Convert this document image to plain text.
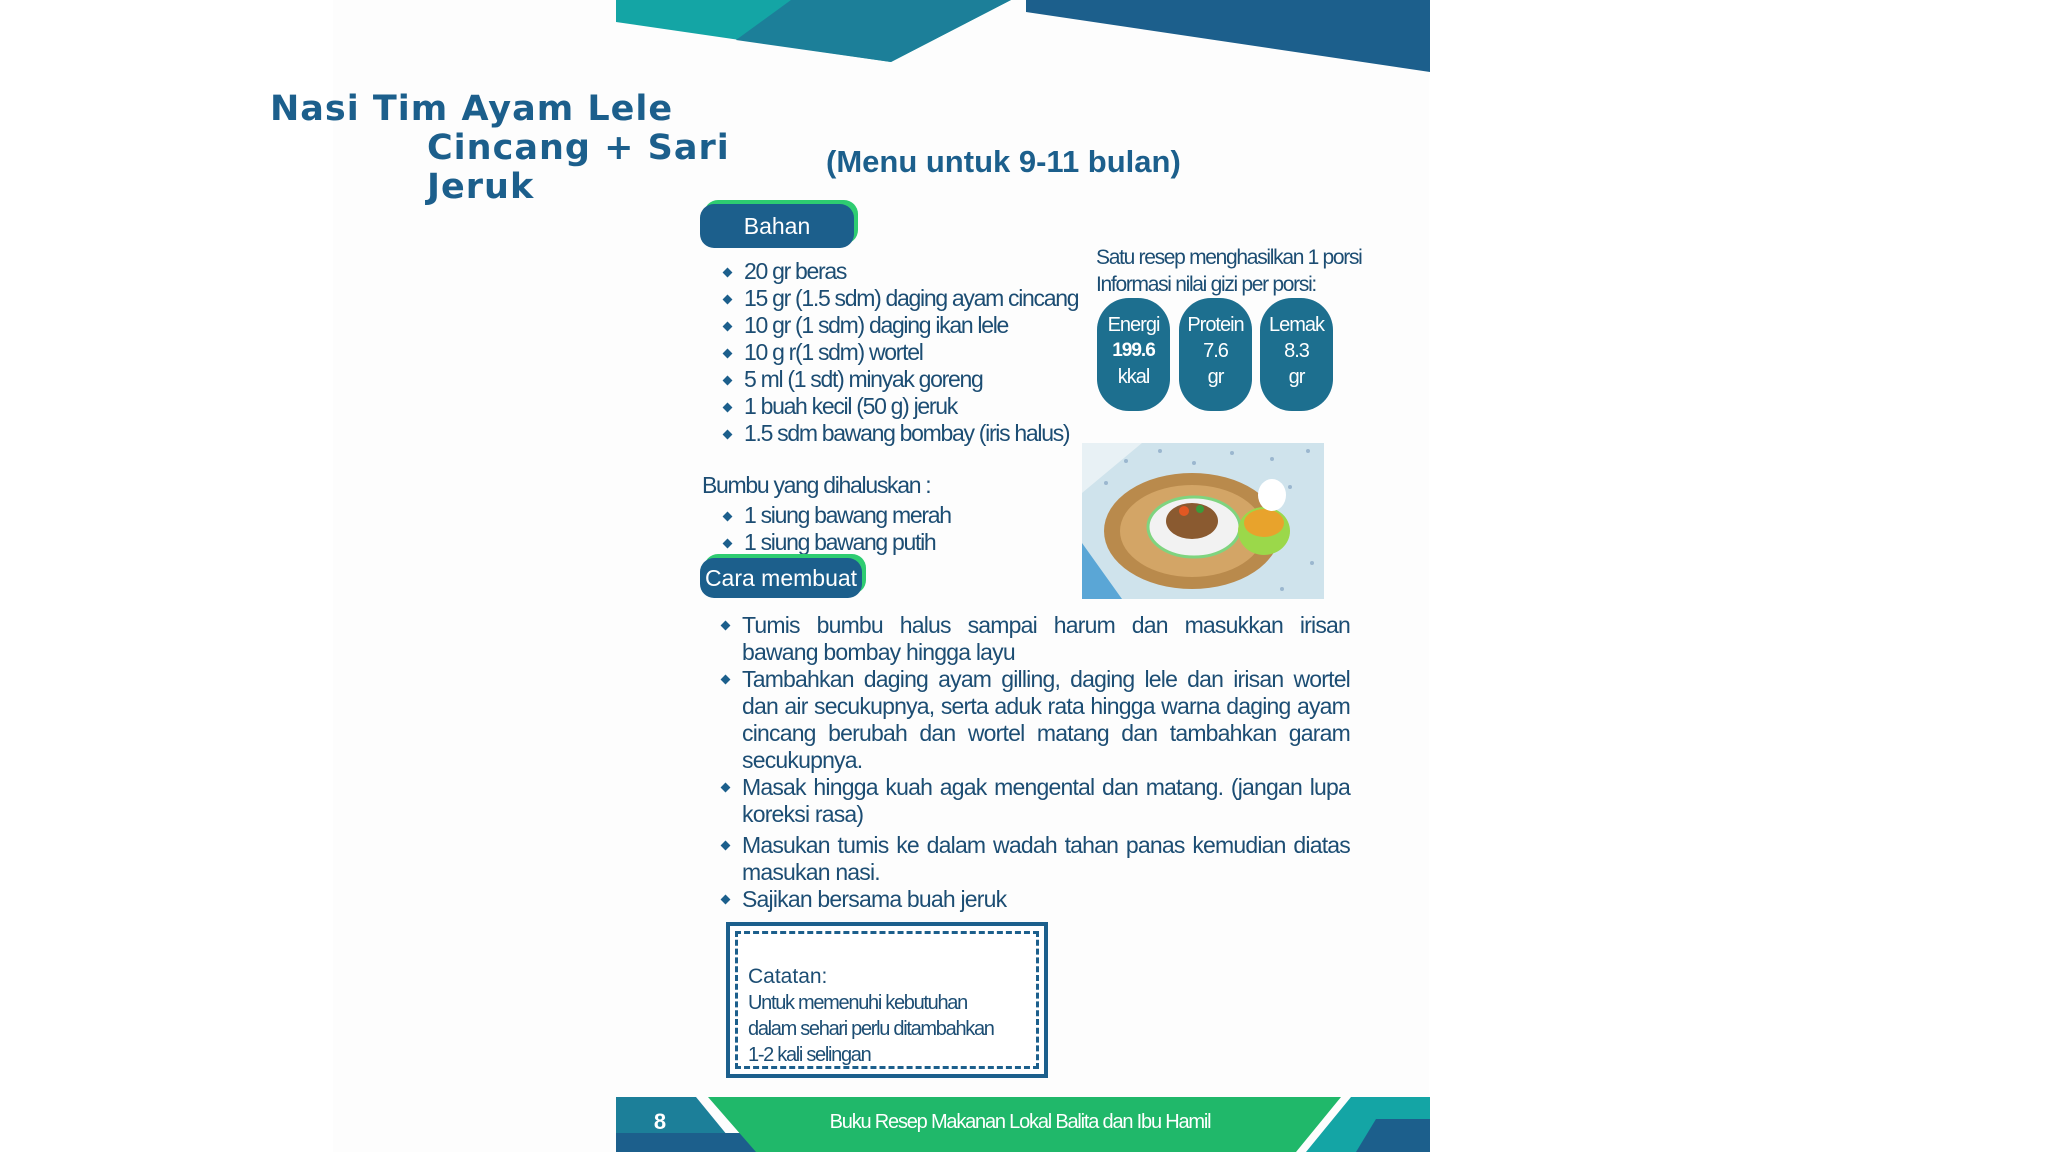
Nasi Tim Ayam Lele
Cincang + Sari
Jeruk
(Menu untuk 9-11 bulan)
Bahan
20 gr beras
15 gr (1.5 sdm) daging ayam cincang
10 gr (1 sdm) daging ikan lele
10 g r(1 sdm) wortel
5 ml (1 sdt) minyak goreng
1 buah kecil (50 g) jeruk
1.5 sdm bawang bombay (iris halus)
Bumbu yang dihaluskan :
1 siung bawang merah
1 siung bawang putih
Satu resep menghasilkan 1 porsi
Informasi nilai gizi per porsi:
Energi
199.6
kkal
Protein
7.6
gr
Lemak
8.3
gr
Cara membuat
Tumis bumbu halus sampai harum dan masukkan irisan bawang bombay hingga layu
Tambahkan daging ayam gilling, daging lele dan irisan wortel dan air secukupnya, serta aduk rata hingga warna daging ayam cincang berubah dan wortel matang dan tambahkan garam secukupnya.
Masak hingga kuah agak mengental dan matang. (jangan lupa koreksi rasa)
Masukan tumis ke dalam wadah tahan panas kemudian diatas masukan nasi.
Sajikan bersama buah jeruk
Catatan:
Untuk memenuhi kebutuhan
dalam sehari perlu ditambahkan
1-2 kali selingan
8	Buku Resep Makanan Lokal Balita dan Ibu Hamil
